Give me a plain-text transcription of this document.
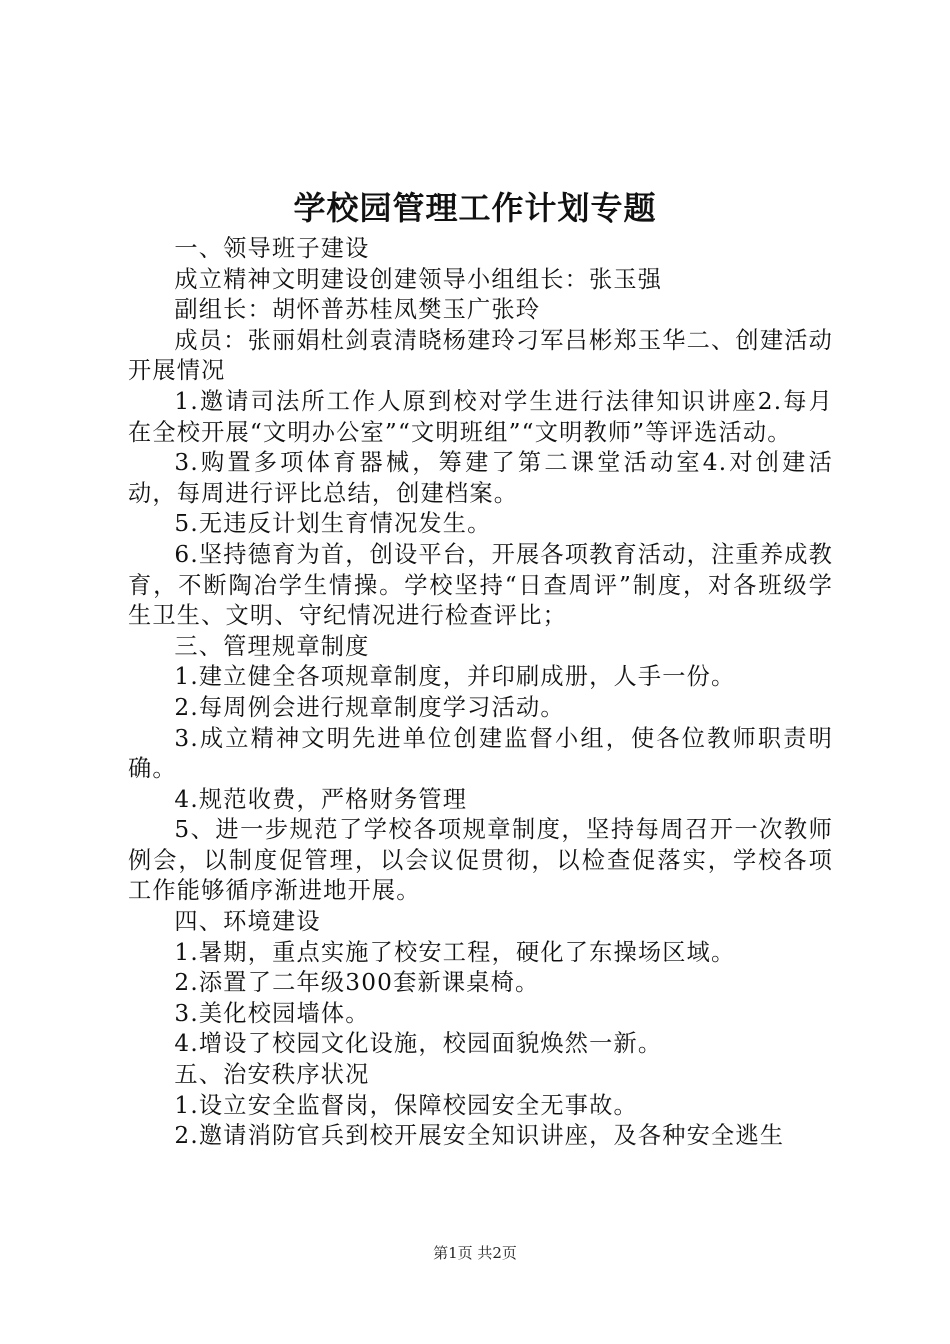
学校园管理工作计划专题

一、领导班子建设

成立精神文明建设创建领导小组组长：张玉强

副组长：胡怀普苏桂凤樊玉广张玲

成员：张丽娟杜剑袁清晓杨建玲刁军吕彬郑玉华二、创建活动开展情况

1.邀请司法所工作人原到校对学生进行法律知识讲座2.每月在全校开展“文明办公室”“文明班组”“文明教师”等评选活动。

3.购置多项体育器械，筹建了第二课堂活动室4.对创建活动，每周进行评比总结，创建档案。

5.无违反计划生育情况发生。

6.坚持德育为首，创设平台，开展各项教育活动，注重养成教育，不断陶冶学生情操。学校坚持“日查周评”制度，对各班级学生卫生、文明、守纪情况进行检查评比；

三、管理规章制度

1.建立健全各项规章制度，并印刷成册，人手一份。

2.每周例会进行规章制度学习活动。

3.成立精神文明先进单位创建监督小组，使各位教师职责明确。

4.规范收费，严格财务管理

5、进一步规范了学校各项规章制度，坚持每周召开一次教师例会，以制度促管理，以会议促贯彻，以检查促落实，学校各项工作能够循序渐进地开展。

四、环境建设

1.暑期，重点实施了校安工程，硬化了东操场区域。

2.添置了二年级300套新课桌椅。

3.美化校园墙体。

4.增设了校园文化设施，校园面貌焕然一新。

五、治安秩序状况

1.设立安全监督岗，保障校园安全无事故。

2.邀请消防官兵到校开展安全知识讲座，及各种安全逃生

第1页 共2页
